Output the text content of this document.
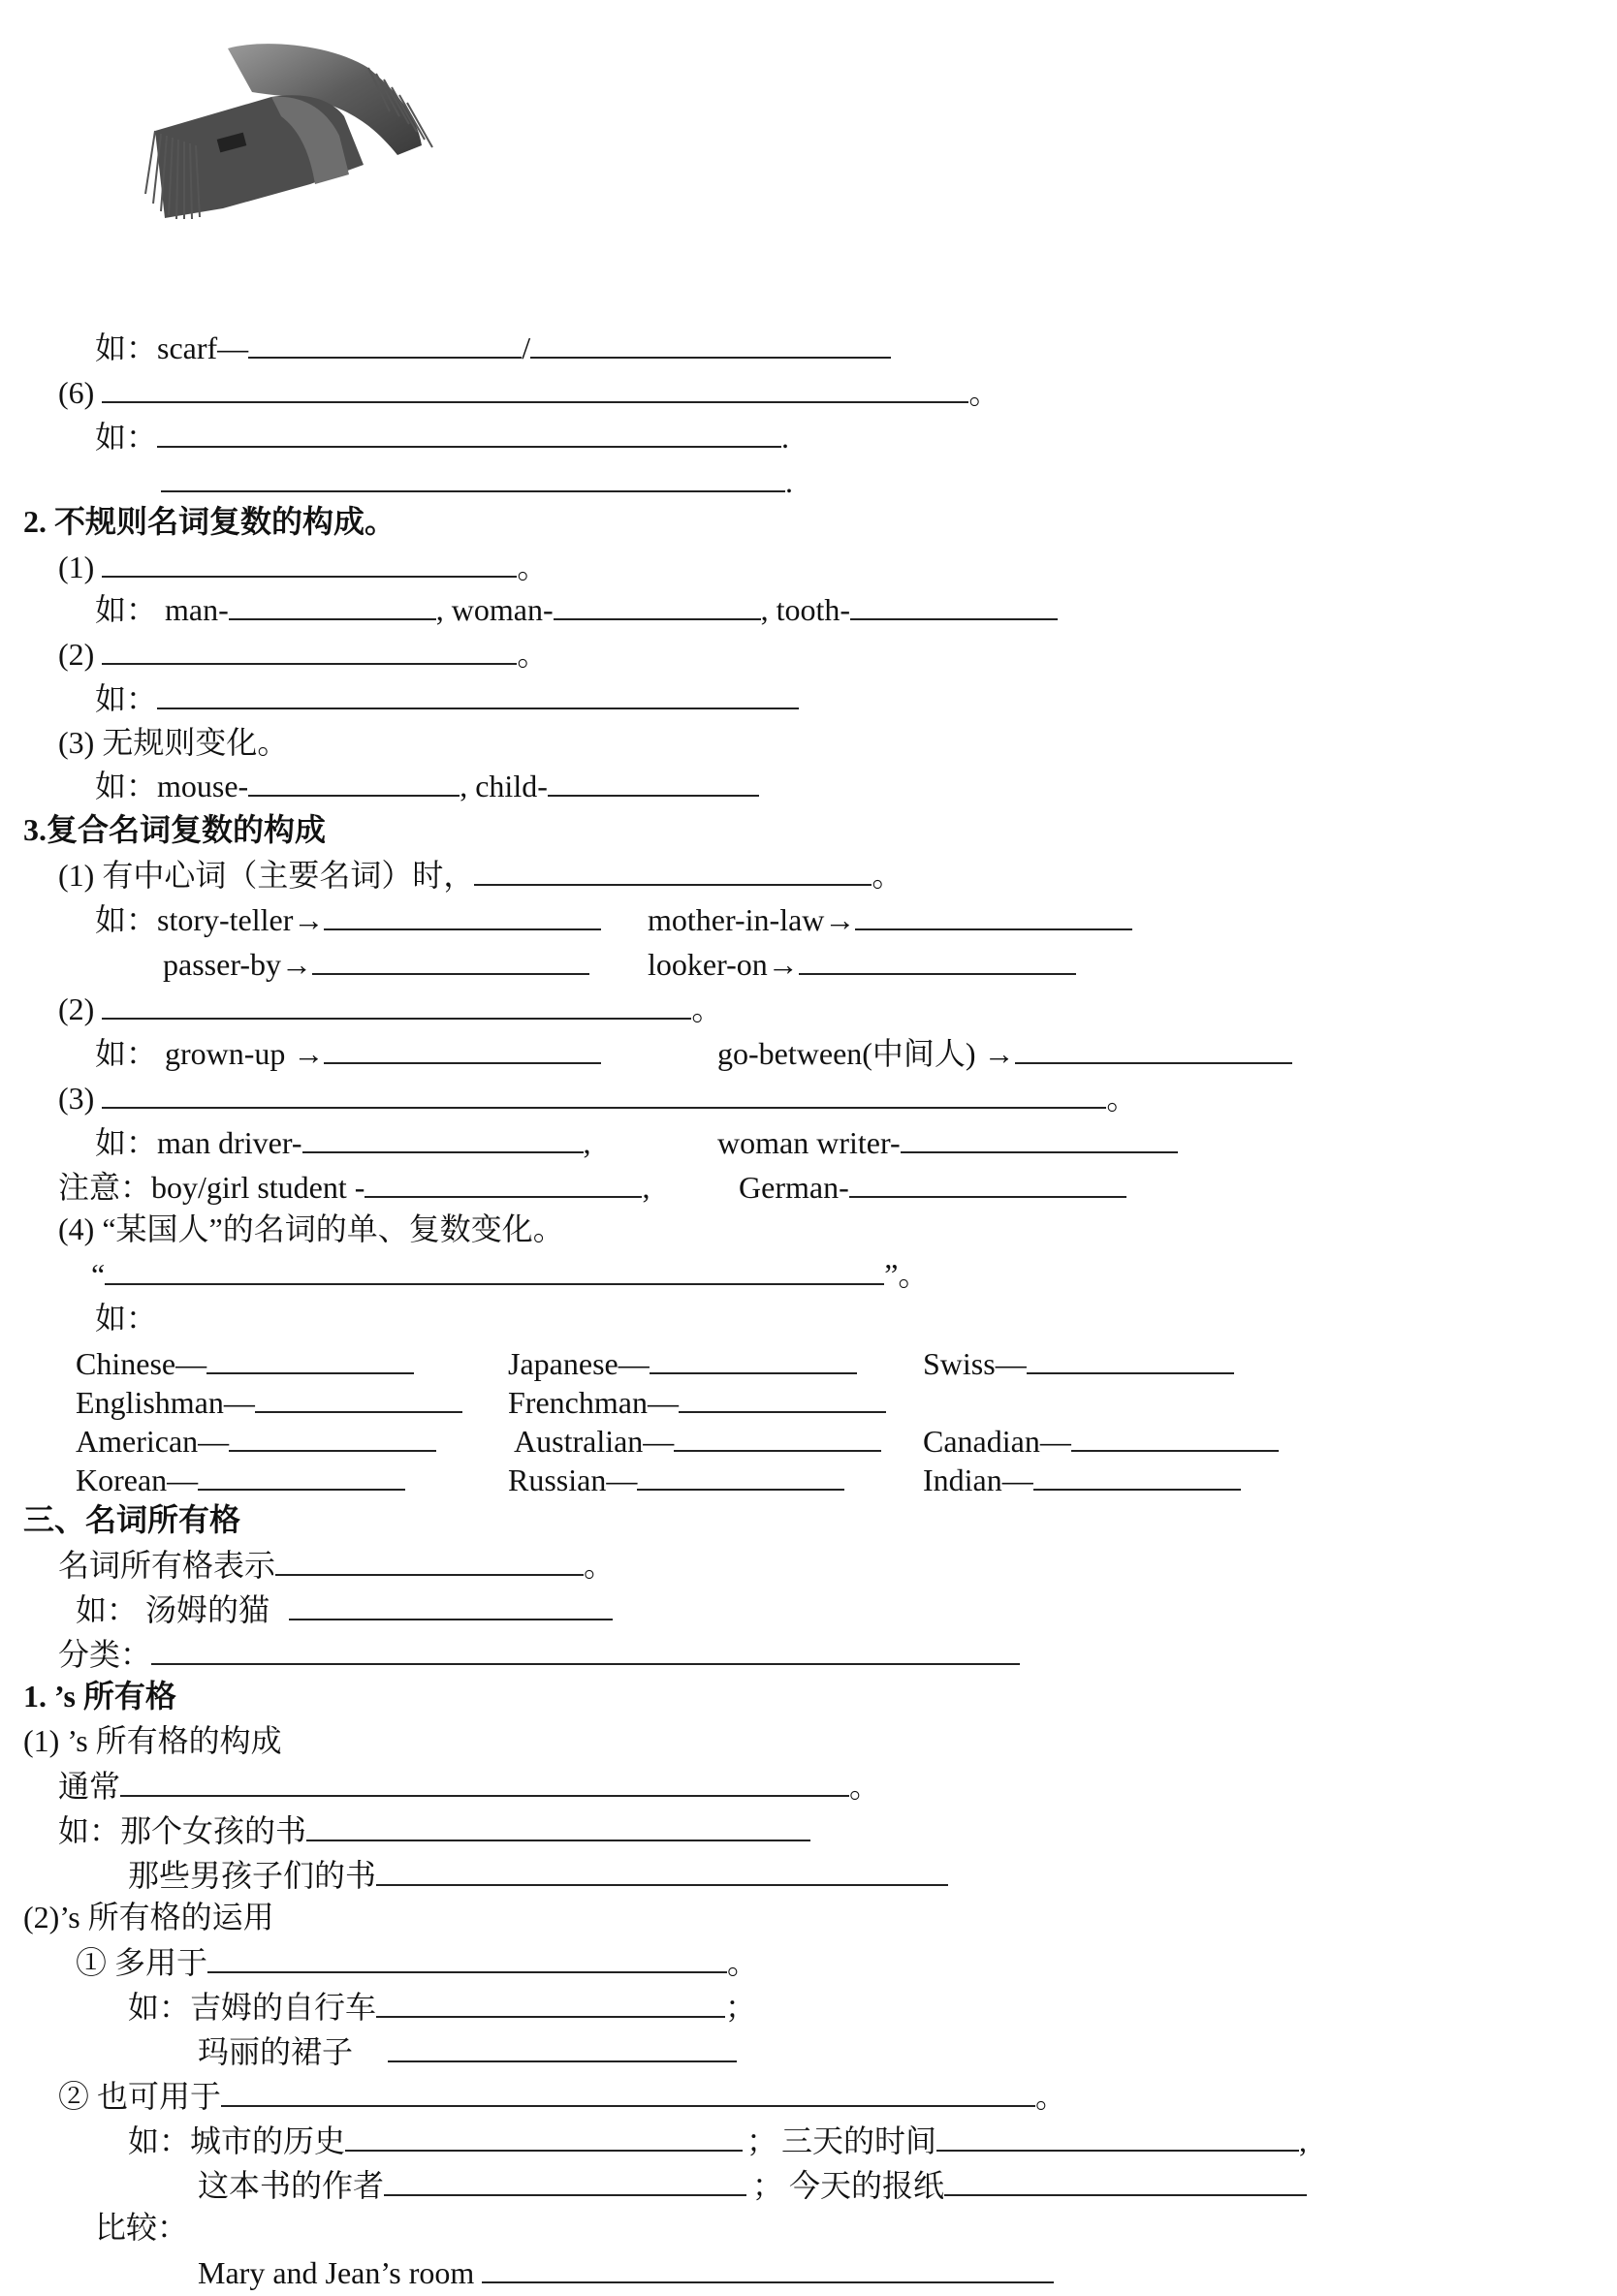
如：scarf—	/
(6)	。
如：	.
.
2. 不规则名词复数的构成。
(1)	。
如： man-	, woman-	, tooth-
(2)	。
如：
(3) 无规则变化。
如：mouse-	, child-
3.复合名词复数的构成
(1) 有中心词（主要名词）时，	。
如：story-teller→	mother-in-law→
passer-by→	looker-on→
(2)	。
如： grown-up →	go-between(中间人) →
(3)	。
如：man driver-	,	woman writer-
注意：boy/girl student -	,	German-
(4) “某国人”的名词的单、复数变化。
“	”。
如：
Chinese—	Japanese—	Swiss—
Englishman—	Frenchman—
American—	Australian—	Canadian—
Korean—	Russian—	Indian—
三、名词所有格
名词所有格表示	。
如： 汤姆的猫
分类：
1. ’s 所有格
(1) ’s 所有格的构成
通常	。
如：那个女孩的书
那些男孩子们的书
(2)’s 所有格的运用
① 多用于	。
如：吉姆的自行车	；
玛丽的裙子
② 也可用于	。
如：城市的历史	； 三天的时间	,
这本书的作者	； 今天的报纸
比较：
Mary and Jean’s room
